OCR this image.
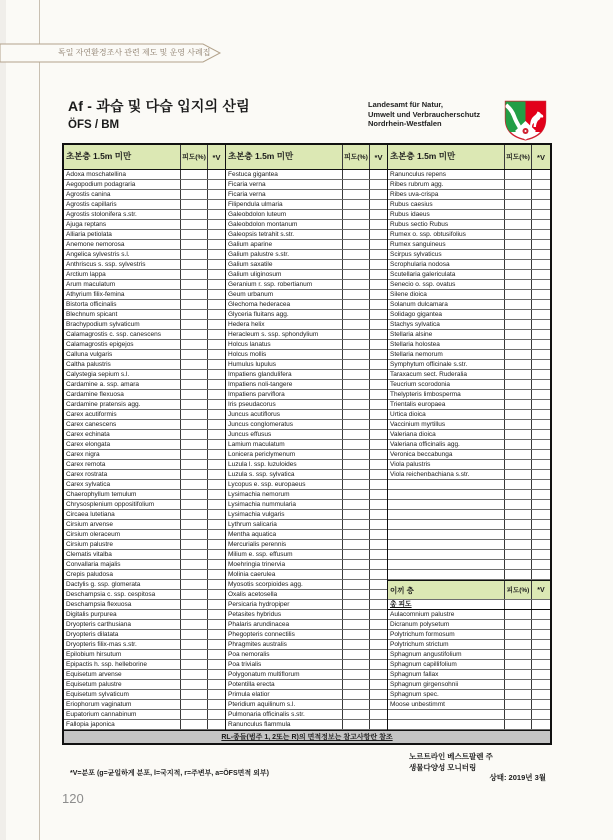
독일 자연환경조사 관련 제도 및 운영 사례집
Af - 과습 및 다습 입지의 산림
ÖFS / BM
Landesamt für Natur,
Umwelt und Verbraucherschutz
Nordrhein-Westfalen
초본층 1.5m 미만	피도(%) *V
Adoxa moschatellina
Aegopodium podagraria
Agrostis canina
Agrostis capillaris
Agrostis stolonifera s.str.
Ajuga reptans
Alliaria petiolata
Anemone nemorosa
Angelica sylvestris s.l.
Anthriscus s. ssp. sylvestris
Arctium lappa
Arum maculatum
Athyrium filix-femina
Bistorta officinalis
Blechnum spicant
Brachypodium sylvaticum
Calamagrostis c. ssp. canescens
Calamagrostis epigejos
Calluna vulgaris
Caltha palustris
Calystegia sepium s.l.
Cardamine a. ssp. amara
Cardamine flexuosa
Cardamine pratensis agg.
Carex acutiformis
Carex canescens
Carex echinata
Carex elongata
Carex nigra
Carex remota
Carex rostrata
Carex sylvatica
Chaerophyllum temulum
Chrysosplenium oppositifolium
Circaea lutetiana
Cirsium arvense
Cirsium oleraceum
Cirsium palustre
Clematis vitalba
Convallaria majalis
Crepis paludosa
Dactylis g. ssp. glomerata
Deschampsia c. ssp. cespitosa
Deschampsia flexuosa
Digitalis purpurea
Dryopteris carthusiana
Dryopteris dilatata
Dryopteris filix-mas s.str.
Epilobium hirsutum
Epipactis h. ssp. helleborine
Equisetum arvense
Equisetum palustre
Equisetum sylvaticum
Eriophorum vaginatum
Eupatorium cannabinum
Fallopia japonica
초본층 1.5m 미만	피도(%) *V
Festuca gigantea
Ficaria verna
Ficaria verna
Filipendula ulmaria
Galeobdolon luteum
Galeobdolon montanum
Galeopsis tetrahit s.str.
Galium aparine
Galium palustre s.str.
Galium saxatile
Galium uliginosum
Geranium r. ssp. robertianum
Geum urbanum
Glechoma hederacea
Glyceria fluitans agg.
Hedera helix
Heracleum s. ssp. sphondylium
Holcus lanatus
Holcus mollis
Humulus lupulus
Impatiens glandulifera
Impatiens noli-tangere
Impatiens parviflora
Iris pseudacorus
Juncus acutiflorus
Juncus conglomeratus
Juncus effusus
Lamium maculatum
Lonicera periclymenum
Luzula l. ssp. luzuloides
Luzula s. ssp. sylvatica
Lycopus e. ssp. europaeus
Lysimachia nemorum
Lysimachia nummularia
Lysimachia vulgaris
Lythrum salicaria
Mentha aquatica
Mercurialis perennis
Milium e. ssp. effusum
Moehringia trinervia
Molinia caerulea
Myosotis scorpioides agg.
Oxalis acetosella
Persicaria hydropiper
Petasites hybridus
Phalaris arundinacea
Phegopteris connectilis
Phragmites australis
Poa nemoralis
Poa trivialis
Polygonatum multiflorum
Potentilla erecta
Primula elatior
Pteridium aquilinum s.l.
Pulmonaria officinalis s.str.
Ranunculus flammula
초본층 1.5m 미만	피도(%) *V
Ranunculus repens
Ribes rubrum agg.
Ribes uva-crispa
Rubus caesius
Rubus idaeus
Rubus sectio Rubus
Rumex o. ssp. obtusifolius
Rumex sanguineus
Scirpus sylvaticus
Scrophularia nodosa
Scutellaria galericulata
Senecio o. ssp. ovatus
Silene dioica
Solanum dulcamara
Solidago gigantea
Stachys sylvatica
Stellaria alsine
Stellaria holostea
Stellaria nemorum
Symphytum officinale s.str.
Taraxacum sect. Ruderalia
Teucrium scorodonia
Thelypteris limbosperma
Trientalis europaea
Urtica dioica
Vaccinium myrtillus
Valeriana dioica
Valeriana officinalis agg.
Veronica beccabunga
Viola palustris
Viola reichenbachiana s.str.
이끼 층	피도(%)	*V
총 피도
Aulacomnium palustre
Dicranum polysetum
Polytrichum formosum
Polytrichum strictum
Sphagnum angustifolium
Sphagnum capillifolium
Sphagnum fallax
Sphagnum girgensohnii
Sphagnum spec.
Moose unbestimmt
RL-종들(범주 1, 2또는 R)의 면적정보는 참고사항란 참조
*V=분포 (g=균일하게 분포, l=국지적, r=주변부, a=ÖFS면적 외부)
노르트라인 베스트팔렌 주
생물다양성 모니터링
상태: 2019년 3월
120
